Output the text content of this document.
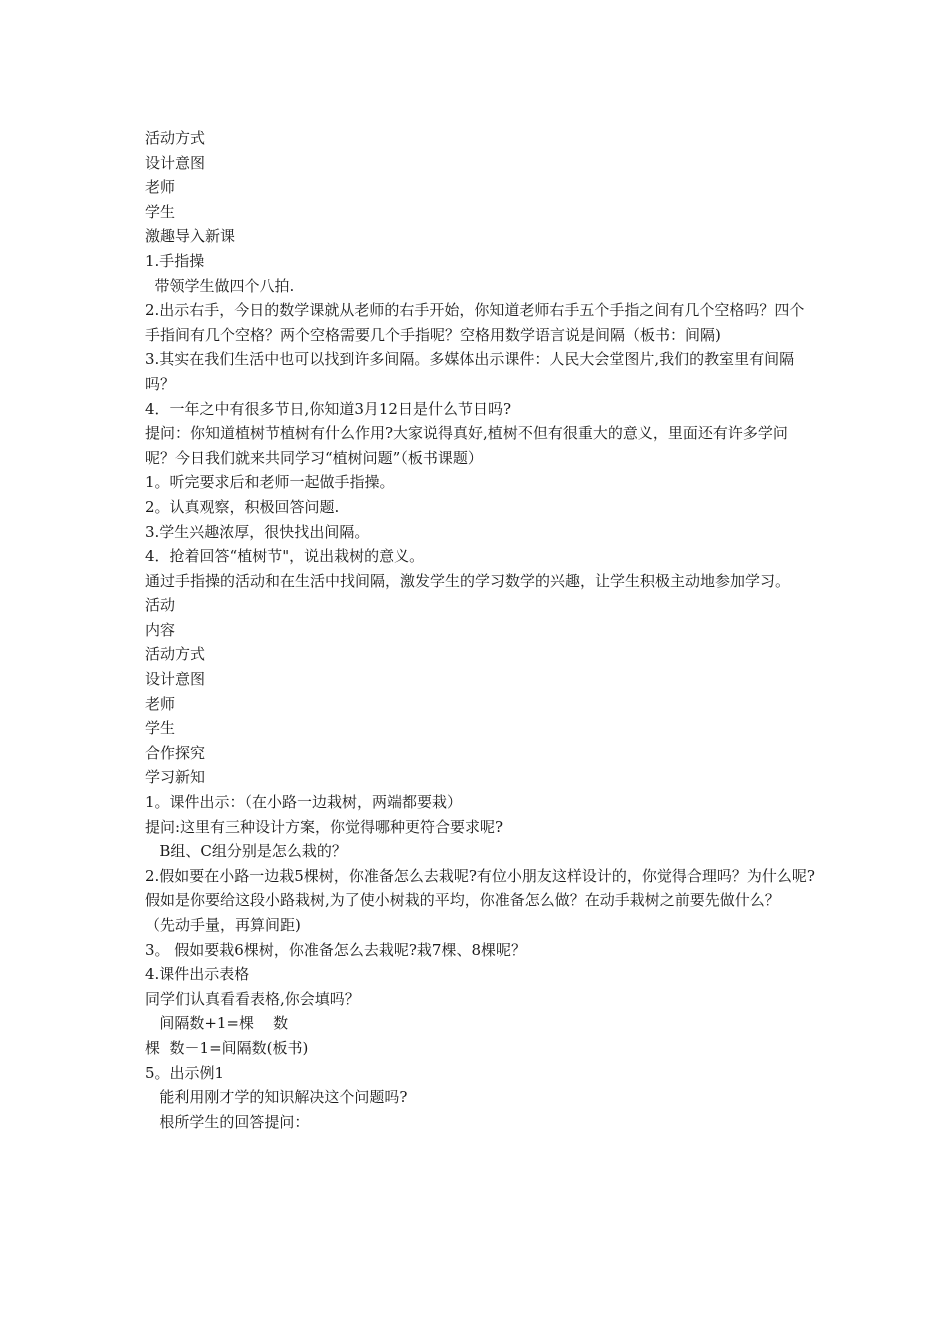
活动方式

设计意图

老师

学生

激趣导入新课

1.手指操

带领学生做四个八拍.

2.出示右手，今日的数学课就从老师的右手开始，你知道老师右手五个手指之间有几个空格吗？四个手指间有几个空格？两个空格需要几个手指呢？空格用数学语言说是间隔（板书：间隔)

3.其实在我们生活中也可以找到许多间隔。多媒体出示课件：人民大会堂图片,我们的教室里有间隔吗？

4．一年之中有很多节日,你知道3月12日是什么节日吗?

提问：你知道植树节植树有什么作用?大家说得真好,植树不但有很重大的意义，里面还有许多学问呢？今日我们就来共同学习“植树问题”（板书课题）

1。听完要求后和老师一起做手指操。

2。认真观察，积极回答问题.

3.学生兴趣浓厚，很快找出间隔。

4．抢着回答“植树节"，说出栽树的意义。

通过手指操的活动和在生活中找间隔，激发学生的学习数学的兴趣，让学生积极主动地参加学习。

活动

内容

活动方式

设计意图

老师

学生

合作探究

学习新知

1。课件出示：（在小路一边栽树，两端都要栽）

提问:这里有三种设计方案，你觉得哪种更符合要求呢?

B组、C组分别是怎么栽的？

2.假如要在小路一边栽5棵树，你准备怎么去栽呢?有位小朋友这样设计的，你觉得合理吗？为什么呢?假如是你要给这段小路栽树,为了使小树栽的平均，你准备怎么做？在动手栽树之前要先做什么？

（先动手量，再算间距)

3。 假如要栽6棵树，你准备怎么去栽呢?栽7棵、8棵呢？

4.课件出示表格

同学们认真看看表格,你会填吗？

间隔数+1=棵    数

棵  数－1=间隔数(板书)

5。出示例1

能利用刚才学的知识解决这个问题吗?

根所学生的回答提问：
